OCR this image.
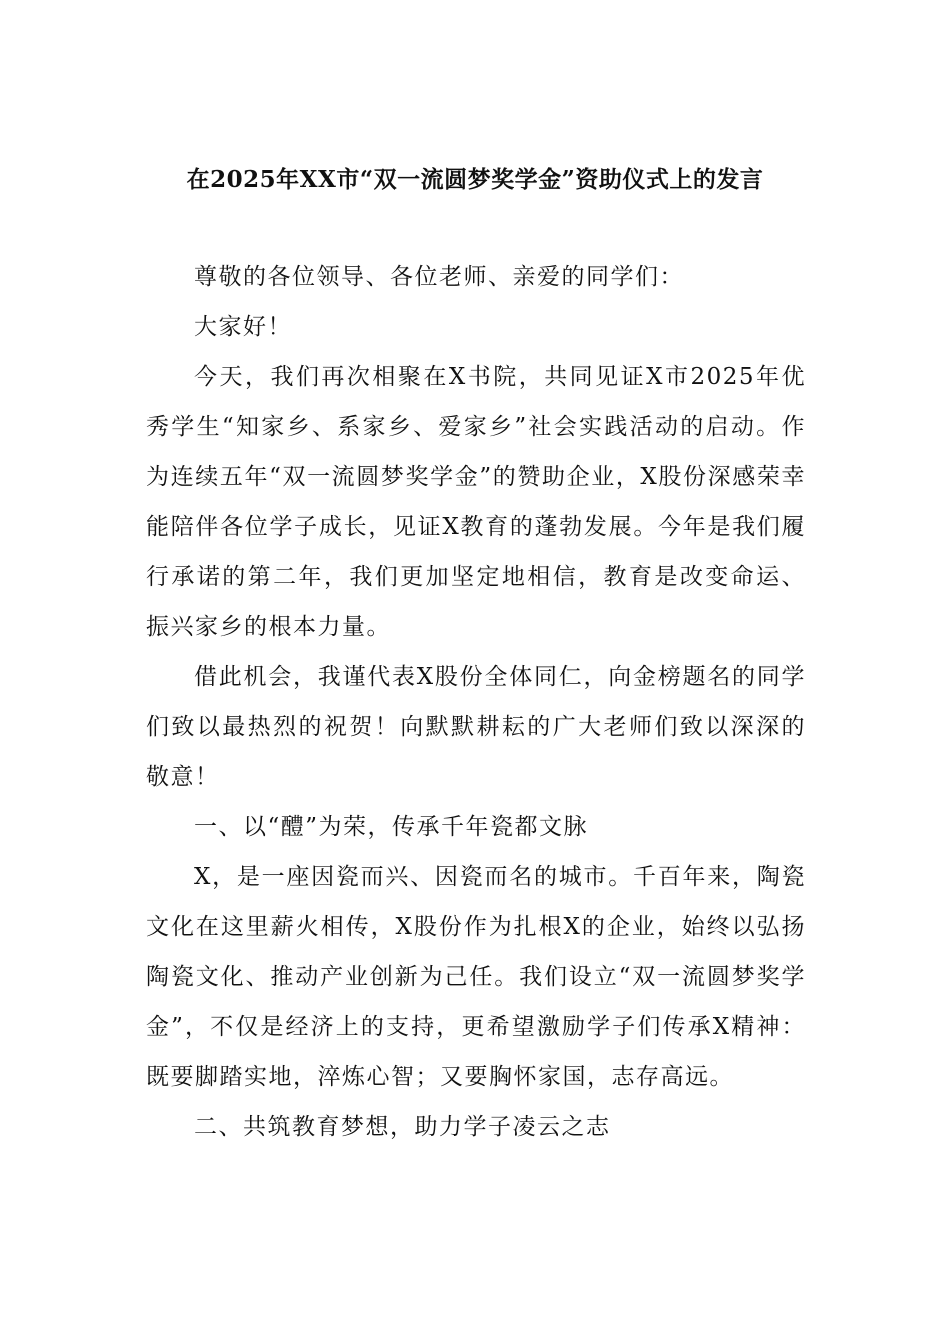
在2025年XX市“双一流圆梦奖学金”资助仪式上的发言

尊敬的各位领导、各位老师、亲爱的同学们：

大家好！

今天，我们再次相聚在X书院，共同见证X市2025年优秀学生“知家乡、系家乡、爱家乡”社会实践活动的启动。作为连续五年“双一流圆梦奖学金”的赞助企业，X股份深感荣幸能陪伴各位学子成长，见证X教育的蓬勃发展。今年是我们履行承诺的第二年，我们更加坚定地相信，教育是改变命运、振兴家乡的根本力量。

借此机会，我谨代表X股份全体同仁，向金榜题名的同学们致以最热烈的祝贺！向默默耕耘的广大老师们致以深深的敬意！

一、以“醴”为荣，传承千年瓷都文脉

X，是一座因瓷而兴、因瓷而名的城市。千百年来，陶瓷文化在这里薪火相传，X股份作为扎根X的企业，始终以弘扬陶瓷文化、推动产业创新为己任。我们设立“双一流圆梦奖学金”，不仅是经济上的支持，更希望激励学子们传承X精神：既要脚踏实地，淬炼心智；又要胸怀家国，志存高远。

二、共筑教育梦想，助力学子凌云之志
